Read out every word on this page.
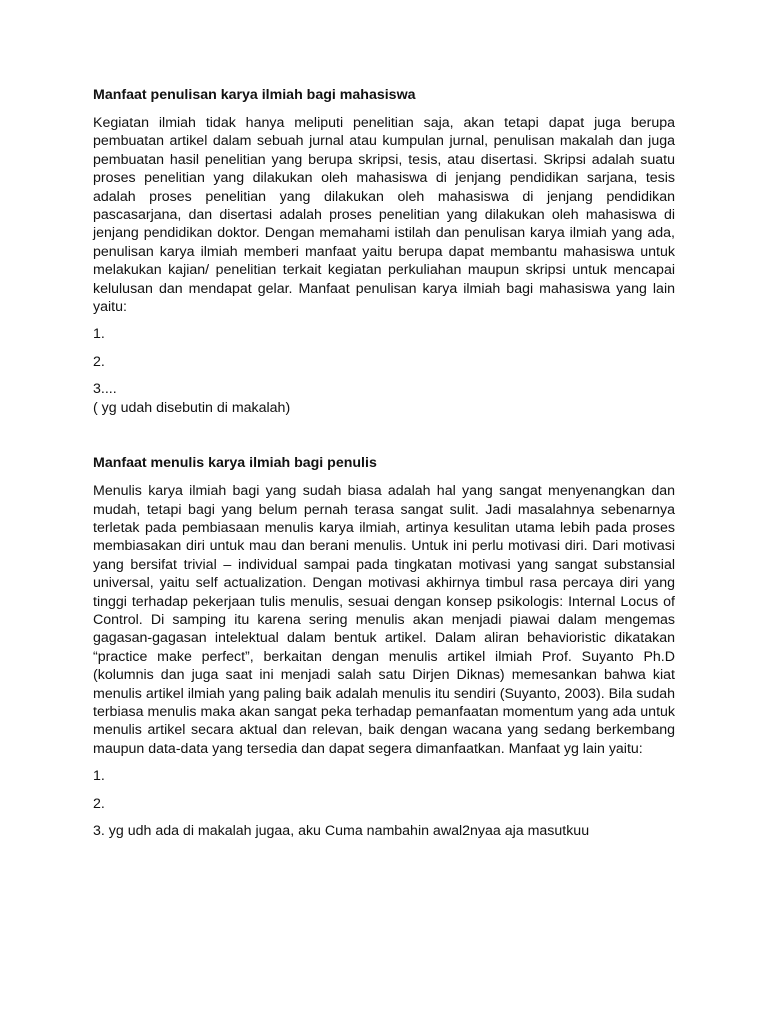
Manfaat penulisan karya ilmiah bagi mahasiswa
Kegiatan ilmiah tidak hanya meliputi penelitian saja, akan tetapi dapat juga berupa pembuatan artikel dalam sebuah jurnal atau kumpulan jurnal, penulisan makalah dan juga pembuatan hasil penelitian yang berupa skripsi, tesis, atau disertasi. Skripsi adalah suatu proses penelitian yang dilakukan oleh mahasiswa di jenjang pendidikan sarjana, tesis adalah proses penelitian yang dilakukan oleh mahasiswa di jenjang pendidikan pascasarjana, dan disertasi adalah proses penelitian yang dilakukan oleh mahasiswa di jenjang pendidikan doktor. Dengan memahami istilah dan penulisan karya ilmiah yang ada, penulisan karya ilmiah memberi manfaat yaitu berupa dapat membantu mahasiswa untuk melakukan kajian/ penelitian terkait kegiatan perkuliahan maupun skripsi untuk mencapai kelulusan dan mendapat gelar. Manfaat penulisan karya ilmiah bagi mahasiswa yang lain yaitu:
1.
2.
3....
( yg udah disebutin di makalah)
Manfaat menulis karya ilmiah bagi penulis
Menulis karya ilmiah bagi yang sudah biasa adalah hal yang sangat menyenangkan dan mudah, tetapi bagi yang belum pernah terasa sangat sulit. Jadi masalahnya sebenarnya terletak pada pembiasaan menulis karya ilmiah, artinya kesulitan utama lebih pada proses membiasakan diri untuk mau dan berani menulis. Untuk ini perlu motivasi diri. Dari motivasi yang bersifat trivial – individual sampai pada tingkatan motivasi yang sangat substansial universal, yaitu self actualization. Dengan motivasi akhirnya timbul rasa percaya diri yang tinggi terhadap pekerjaan tulis menulis, sesuai dengan konsep psikologis: Internal Locus of Control. Di samping itu karena sering menulis akan menjadi piawai dalam mengemas gagasan-gagasan intelektual dalam bentuk artikel. Dalam aliran behavioristic dikatakan “practice make perfect”, berkaitan dengan menulis artikel ilmiah Prof. Suyanto Ph.D (kolumnis dan juga saat ini menjadi salah satu Dirjen Diknas) memesankan bahwa kiat menulis artikel ilmiah yang paling baik adalah menulis itu sendiri (Suyanto, 2003). Bila sudah terbiasa menulis maka akan sangat peka terhadap pemanfaatan momentum yang ada untuk menulis artikel secara aktual dan relevan, baik dengan wacana yang sedang berkembang maupun data-data yang tersedia dan dapat segera dimanfaatkan. Manfaat yg lain yaitu:
1.
2.
3. yg udh ada di makalah jugaa, aku Cuma nambahin awal2nyaa aja masutkuu
